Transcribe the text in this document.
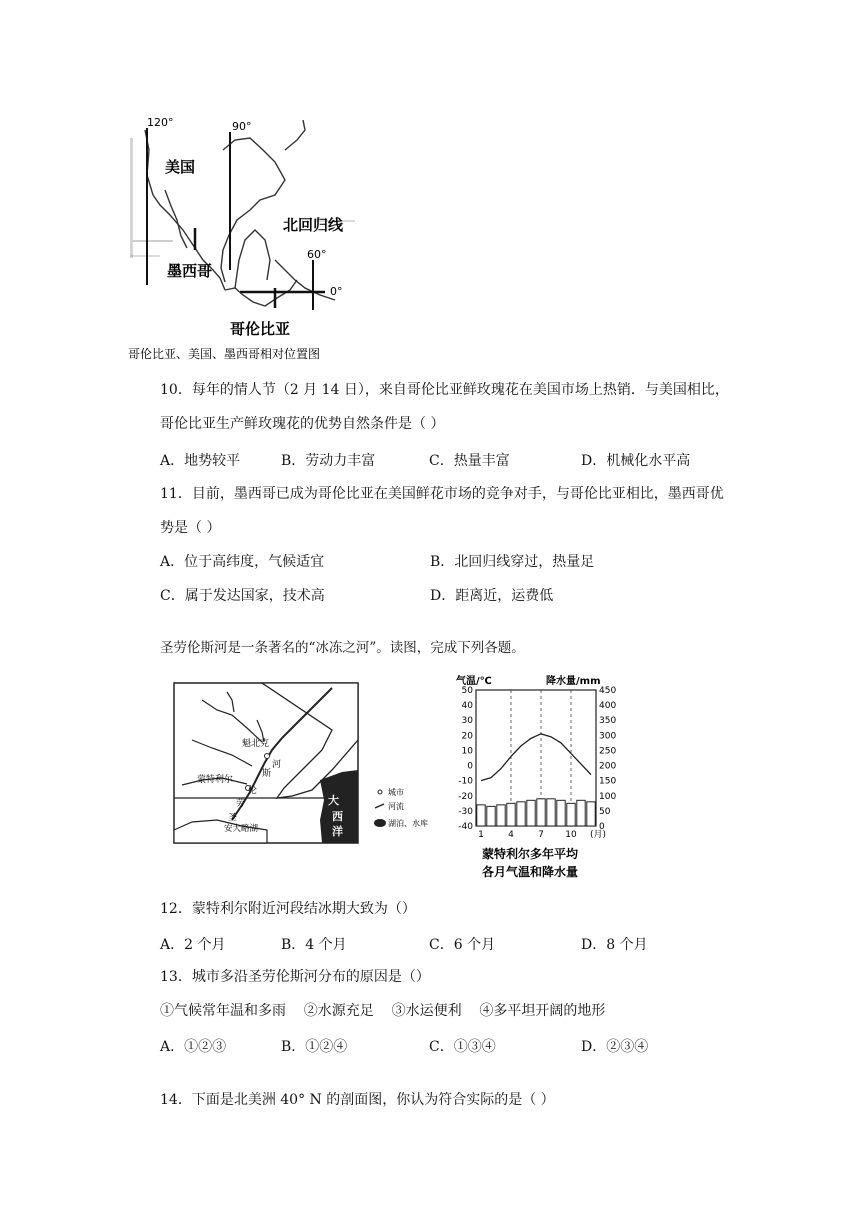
120°	90°
美国
北回归线
墨西哥
60°
0°
哥伦比亚
哥伦比亚、美国、墨西哥相对位置图
10．每年的情人节（2 月 14 日），来自哥伦比亚鲜玫瑰花在美国市场上热销．与美国相比，
哥伦比亚生产鲜玫瑰花的优势自然条件是（ ）
A．地势较平	B．劳动力丰富	C．热量丰富	D．机械化水平高
11．目前，墨西哥已成为哥伦比亚在美国鲜花市场的竞争对手，与哥伦比亚相比，墨西哥优
势是（ ）
A．位于高纬度，气候适宜	B．北回归线穿过，热量足
C．属于发达国家，技术高	D．距离近，运费低
圣劳伦斯河是一条著名的“冰冻之河”。读图，完成下列各题。
魁北克
河
斯
蒙特利尔
伦
劳
圣
安大略湖
大
西
洋
城市
河流
湖泊、水库
气温/℃	降水量/mm
50
40
30
20
10
0
-10
-20
-30
-40
450
400
350
300
250
200
150
100
50
0
1	4	7 10 (月)
蒙特利尔多年平均
各月气温和降水量
12．蒙特利尔附近河段结冰期大致为（）
A．2 个月	B．4 个月	C．6 个月	D．8 个月
13．城市多沿圣劳伦斯河分布的原因是（）
①气候常年温和多雨    ②水源充足    ③水运便利    ④多平坦开阔的地形
A．①②③	B．①②④	C．①③④	D．②③④
14．下面是北美洲 40° N 的剖面图，你认为符合实际的是（ ）
